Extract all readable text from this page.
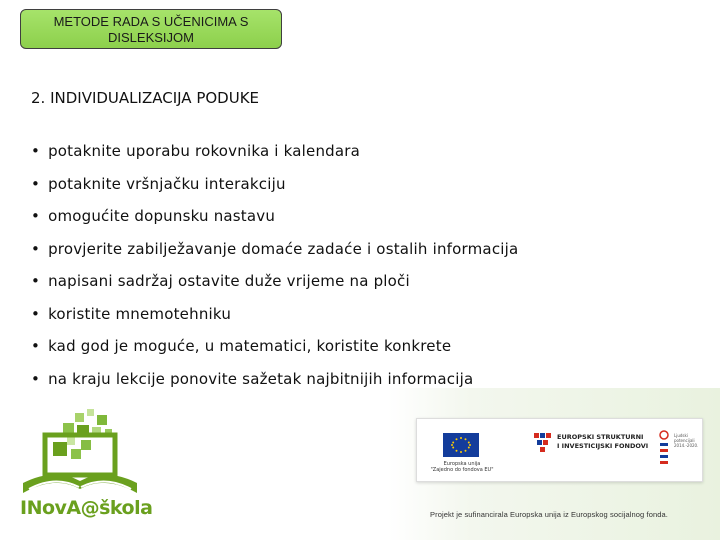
METODE RADA S UČENICIMA S
DISLEKSIJOM
2. INDIVIDUALIZACIJA PODUKE
• potaknite uporabu rokovnika i kalendara
• potaknite vršnjačku interakciju
• omogućite dopunsku nastavu
• provjerite zabilježavanje domaće zadaće i ostalih informacija
• napisani sadržaj ostavite duže vrijeme na ploči
• koristite mnemotehniku
• kad god je moguće, u matematici, koristite konkrete
• na kraju lekcije ponovite sažetak najbitnijih informacija
INovA@škola
Europska unija
"Zajedno do fondova EU"
EUROPSKI STRUKTURNI
I INVESTICIJSKI FONDOVI
Ljudski
potencijali
2014.-2020.
Projekt je sufinancirala Europska unija iz Europskog socijalnog fonda.
